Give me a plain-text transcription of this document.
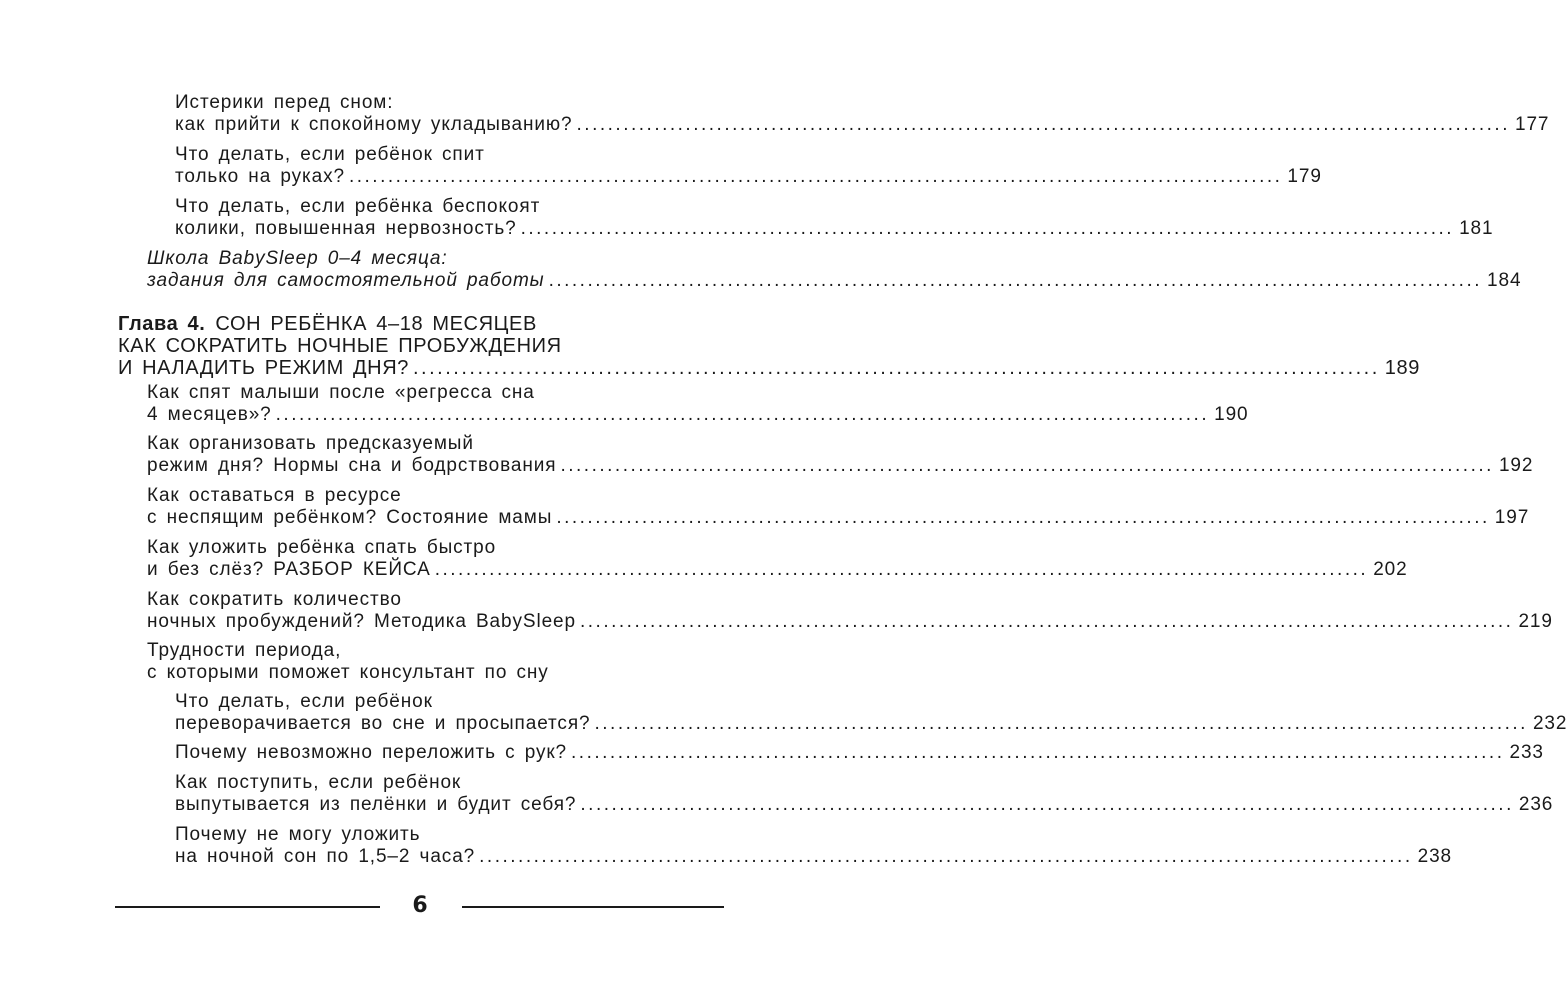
Истерики перед сном:
как прийти к спокойному укладыванию? ........................................................................................................................ 177
Что делать, если ребёнок спит
только на руках? ........................................................................................................................ 179
Что делать, если ребёнка беспокоят
колики, повышенная нервозность? ........................................................................................................................ 181
Школа BabySleep 0–4 месяца:
задания для самостоятельной работы ........................................................................................................................ 184
Глава 4. СОН РЕБЁНКА 4–18 МЕСЯЦЕВ
КАК СОКРАТИТЬ НОЧНЫЕ ПРОБУЖДЕНИЯ
И НАЛАДИТЬ РЕЖИМ ДНЯ? ........................................................................................................................ 189
Как спят малыши после «регресса сна
4 месяцев»? ........................................................................................................................ 190
Как организовать предсказуемый
режим дня? Нормы сна и бодрствования ........................................................................................................................ 192
Как оставаться в ресурсе
с неспящим ребёнком? Состояние мамы ........................................................................................................................ 197
Как уложить ребёнка спать быстро
и без слёз? РАЗБОР КЕЙСА ........................................................................................................................ 202
Как сократить количество
ночных пробуждений? Методика BabySleep ........................................................................................................................ 219
Трудности периода,
с которыми поможет консультант по сну
Что делать, если ребёнок
переворачивается во сне и просыпается? ........................................................................................................................ 232
Почему невозможно переложить с рук? ........................................................................................................................ 233
Как поступить, если ребёнок
выпутывается из пелёнки и будит себя? ........................................................................................................................ 236
Почему не могу уложить
на ночной сон по 1,5–2 часа? ........................................................................................................................ 238
6
